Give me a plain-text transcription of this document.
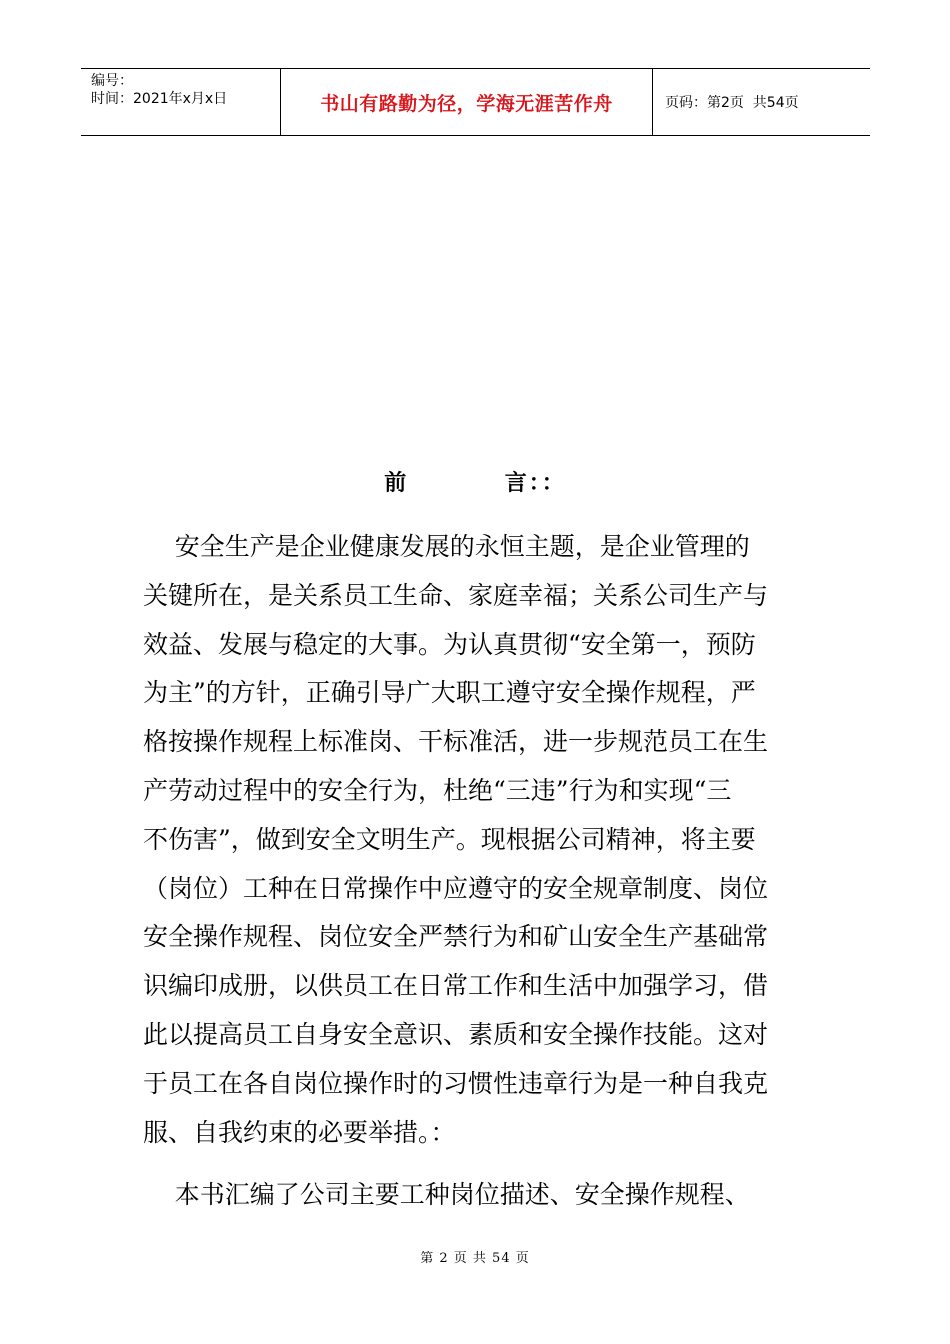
编号：
时间：2021年x月x日	书山有路勤为径，学海无涯苦作舟	页码：第2页  共54页
前          言：：
安全生产是企业健康发展的永恒主题，是企业管理的
关键所在，是关系员工生命、家庭幸福；关系公司生产与
效益、发展与稳定的大事。为认真贯彻“安全第一，预防
为主”的方针，正确引导广大职工遵守安全操作规程，严
格按操作规程上标准岗、干标准活，进一步规范员工在生
产劳动过程中的安全行为，杜绝“三违”行为和实现“三
不伤害”，做到安全文明生产。现根据公司精神，将主要
（岗位）工种在日常操作中应遵守的安全规章制度、岗位
安全操作规程、岗位安全严禁行为和矿山安全生产基础常
识编印成册，以供员工在日常工作和生活中加强学习，借
此以提高员工自身安全意识、素质和安全操作技能。这对
于员工在各自岗位操作时的习惯性违章行为是一种自我克
服、自我约束的必要举措。：
本书汇编了公司主要工种岗位描述、安全操作规程、
第 2 页 共 54 页
